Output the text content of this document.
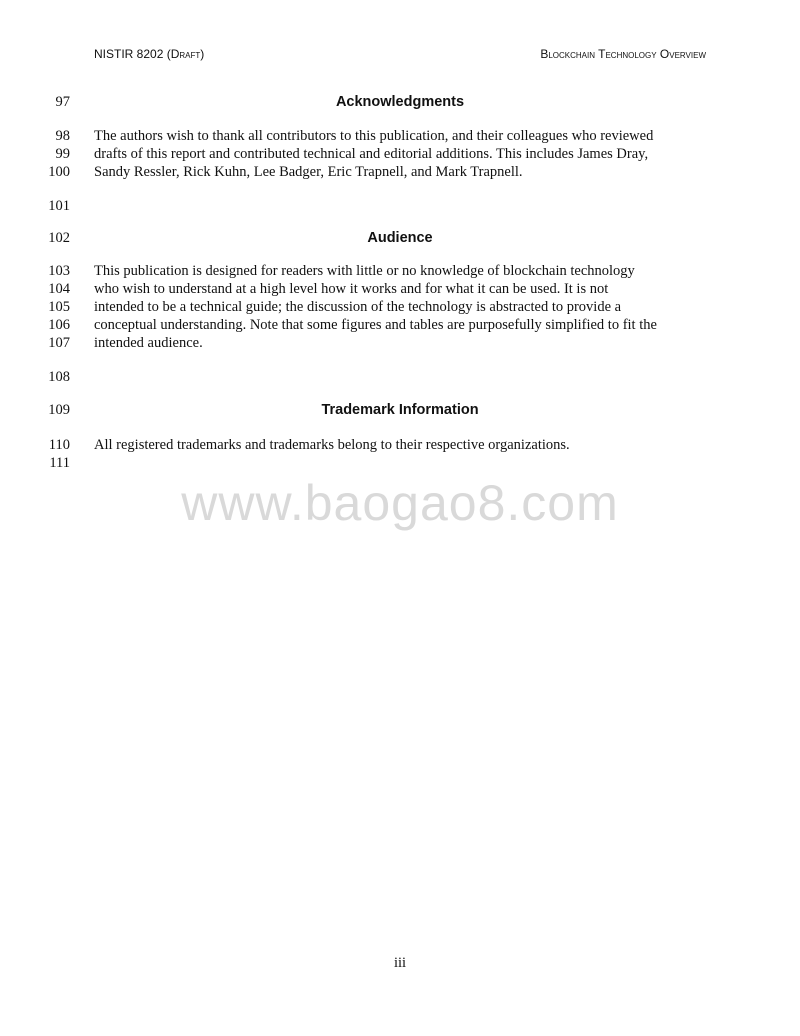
NISTIR 8202 (Draft)	Blockchain Technology Overview
97	Acknowledgments
98 The authors wish to thank all contributors to this publication, and their colleagues who reviewed
99 drafts of this report and contributed technical and editorial additions. This includes James Dray,
100 Sandy Ressler, Rick Kuhn, Lee Badger, Eric Trapnell, and Mark Trapnell.
101
102	Audience
103 This publication is designed for readers with little or no knowledge of blockchain technology
104 who wish to understand at a high level how it works and for what it can be used. It is not
105 intended to be a technical guide; the discussion of the technology is abstracted to provide a
106 conceptual understanding. Note that some figures and tables are purposefully simplified to fit the
107 intended audience.
108
109	Trademark Information
110 All registered trademarks and trademarks belong to their respective organizations.
111
www.baogao8.com
iii
